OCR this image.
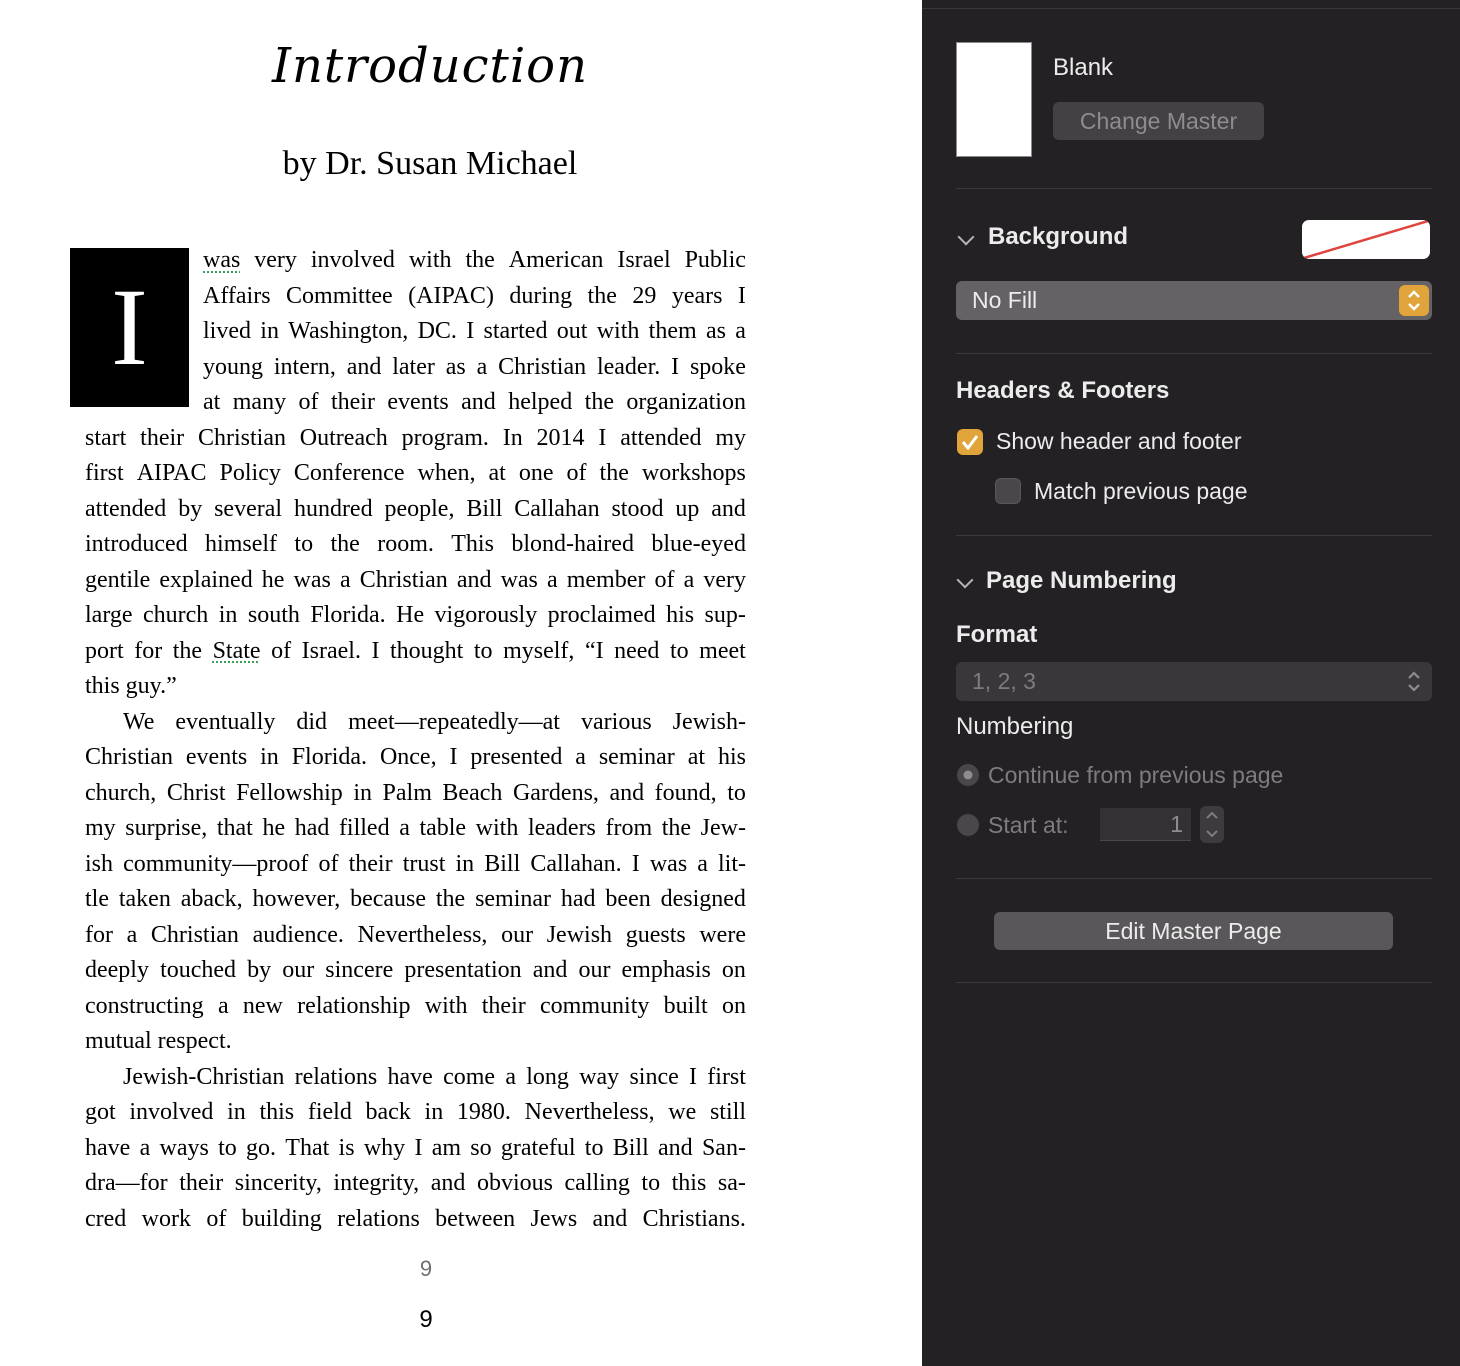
Introduction
by Dr. Susan Michael
I
was very involved with the American Israel Public
Affairs Committee (AIPAC) during the 29 years I
lived in Washington, DC. I started out with them as a
young intern, and later as a Christian leader. I spoke
at many of their events and helped the organization
start their Christian Outreach program. In 2014 I attended my
first AIPAC Policy Conference when, at one of the workshops
attended by several hundred people, Bill Callahan stood up and
introduced himself to the room. This blond-haired blue-eyed
gentile explained he was a Christian and was a member of a very
large church in south Florida. He vigorously proclaimed his sup-
port for the State of Israel. I thought to myself, “I need to meet
this guy.”
We eventually did meet—repeatedly—at various Jewish-
Christian events in Florida. Once, I presented a seminar at his
church, Christ Fellowship in Palm Beach Gardens, and found, to
my surprise, that he had filled a table with leaders from the Jew-
ish community—proof of their trust in Bill Callahan. I was a lit-
tle taken aback, however, because the seminar had been designed
for a Christian audience. Nevertheless, our Jewish guests were
deeply touched by our sincere presentation and our emphasis on
constructing a new relationship with their community built on
mutual respect.
Jewish-Christian relations have come a long way since I first
got involved in this field back in 1980. Nevertheless, we still
have a ways to go. That is why I am so grateful to Bill and San-
dra—for their sincerity, integrity, and obvious calling to this sa-
cred work of building relations between Jews and Christians.
9
9
Blank
Change Master
Background
No Fill
Headers & Footers
Show header and footer
Match previous page
Page Numbering
Format
1, 2, 3
Numbering
Continue from previous page
Start at:	1
Edit Master Page
